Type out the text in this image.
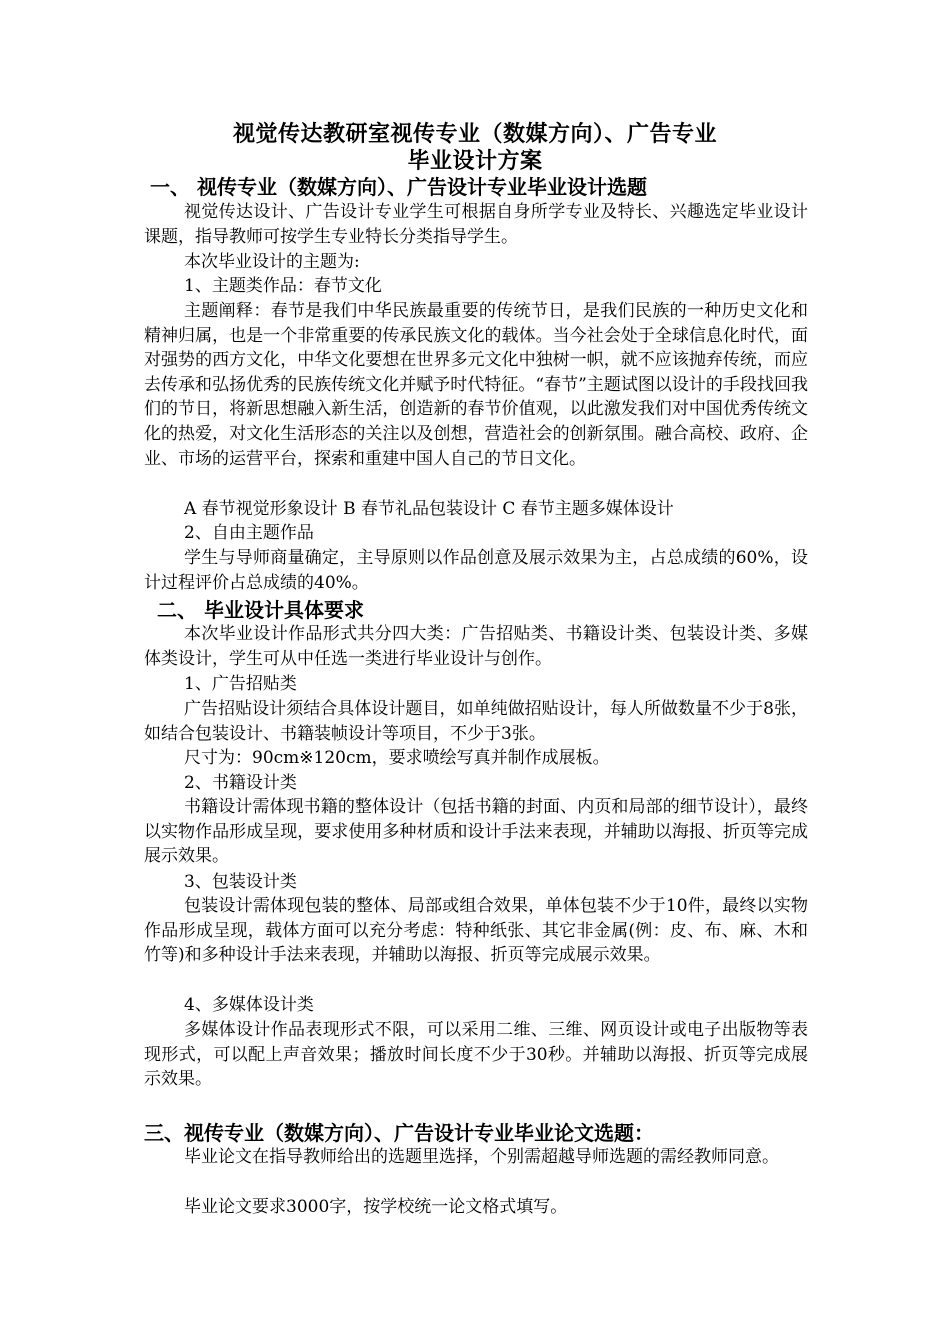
视觉传达教研室视传专业（数媒方向）、广告专业
毕业设计方案
一、 视传专业（数媒方向）、广告设计专业毕业设计选题
视觉传达设计、广告设计专业学生可根据自身所学专业及特长、兴趣选定毕业设计课题，指导教师可按学生专业特长分类指导学生。
本次毕业设计的主题为:
1、主题类作品：春节文化
主题阐释：春节是我们中华民族最重要的传统节日，是我们民族的一种历史文化和精神归属，也是一个非常重要的传承民族文化的载体。当今社会处于全球信息化时代，面对强势的西方文化，中华文化要想在世界多元文化中独树一帜，就不应该抛弃传统，而应去传承和弘扬优秀的民族传统文化并赋予时代特征。“春节”主题试图以设计的手段找回我们的节日，将新思想融入新生活，创造新的春节价值观，以此激发我们对中国优秀传统文化的热爱，对文化生活形态的关注以及创想，营造社会的创新氛围。融合高校、政府、企业、市场的运营平台，探索和重建中国人自己的节日文化。
A 春节视觉形象设计 B 春节礼品包装设计 C 春节主题多媒体设计
2、自由主题作品
学生与导师商量确定，主导原则以作品创意及展示效果为主，占总成绩的60%，设计过程评价占总成绩的40%。
二、 毕业设计具体要求
本次毕业设计作品形式共分四大类：广告招贴类、书籍设计类、包装设计类、多媒体类设计，学生可从中任选一类进行毕业设计与创作。
1、广告招贴类
广告招贴设计须结合具体设计题目，如单纯做招贴设计，每人所做数量不少于8张，如结合包装设计、书籍装帧设计等项目，不少于3张。
尺寸为：90cm※120cm，要求喷绘写真并制作成展板。
2、书籍设计类
书籍设计需体现书籍的整体设计（包括书籍的封面、内页和局部的细节设计），最终以实物作品形成呈现，要求使用多种材质和设计手法来表现，并辅助以海报、折页等完成展示效果。
3、包装设计类
包装设计需体现包装的整体、局部或组合效果，单体包装不少于10件，最终以实物作品形成呈现，载体方面可以充分考虑：特种纸张、其它非金属(例：皮、布、麻、木和竹等)和多种设计手法来表现，并辅助以海报、折页等完成展示效果。
4、多媒体设计类
多媒体设计作品表现形式不限，可以采用二维、三维、网页设计或电子出版物等表现形式，可以配上声音效果；播放时间长度不少于30秒。并辅助以海报、折页等完成展示效果。
三、视传专业（数媒方向）、广告设计专业毕业论文选题：
毕业论文在指导教师给出的选题里选择，个别需超越导师选题的需经教师同意。
毕业论文要求3000字，按学校统一论文格式填写。
